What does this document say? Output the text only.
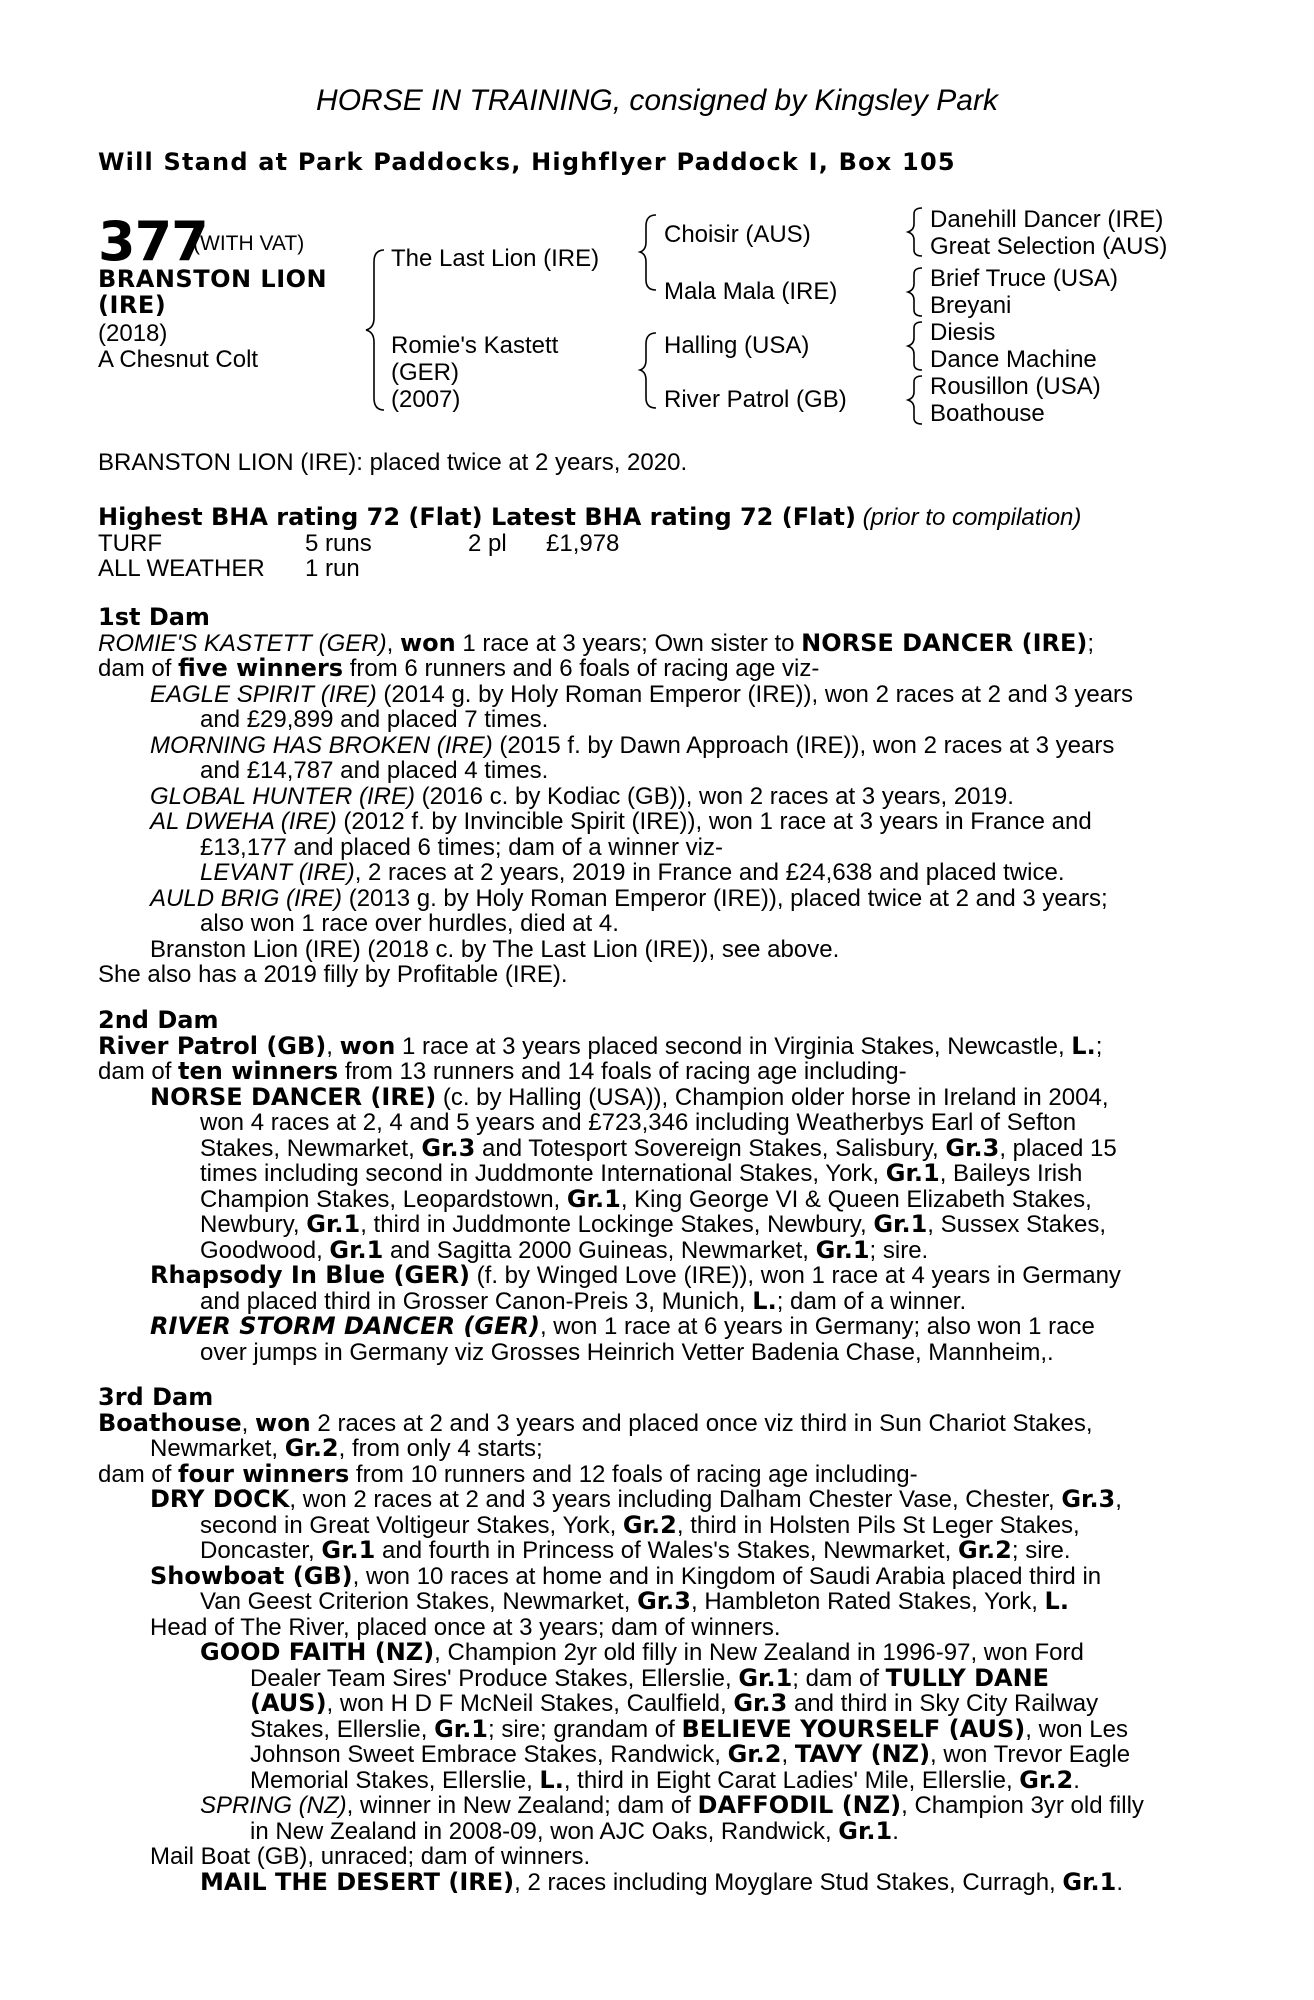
HORSE IN TRAINING, consigned by Kingsley Park
Will Stand at Park Paddocks, Highflyer Paddock I, Box 105
377
(WITH VAT)
BRANSTON LION (IRE)
(2018)
A Chesnut Colt
The Last Lion (IRE)
Romie's Kastett
(GER)
(2007)
Choisir (AUS)
Mala Mala (IRE)
Halling (USA)
River Patrol (GB)
Danehill Dancer (IRE)
Great Selection (AUS)
Brief Truce (USA)
Breyani
Diesis
Dance Machine
Rousillon (USA)
Boathouse
BRANSTON LION (IRE): placed twice at 2 years, 2020.
Highest BHA rating 72 (Flat) Latest BHA rating 72 (Flat) (prior to compilation)
TURF	5 runs	2 pl £1,978
ALL WEATHER 1 run
1st Dam
ROMIE'S KASTETT (GER), won 1 race at 3 years; Own sister to NORSE DANCER (IRE);
dam of five winners from 6 runners and 6 foals of racing age viz-
EAGLE SPIRIT (IRE) (2014 g. by Holy Roman Emperor (IRE)), won 2 races at 2 and 3 years
and £29,899 and placed 7 times.
MORNING HAS BROKEN (IRE) (2015 f. by Dawn Approach (IRE)), won 2 races at 3 years
and £14,787 and placed 4 times.
GLOBAL HUNTER (IRE) (2016 c. by Kodiac (GB)), won 2 races at 3 years, 2019.
AL DWEHA (IRE) (2012 f. by Invincible Spirit (IRE)), won 1 race at 3 years in France and
£13,177 and placed 6 times; dam of a winner viz-
LEVANT (IRE), 2 races at 2 years, 2019 in France and £24,638 and placed twice.
AULD BRIG (IRE) (2013 g. by Holy Roman Emperor (IRE)), placed twice at 2 and 3 years;
also won 1 race over hurdles, died at 4.
Branston Lion (IRE) (2018 c. by The Last Lion (IRE)), see above.
She also has a 2019 filly by Profitable (IRE).
2nd Dam
River Patrol (GB), won 1 race at 3 years placed second in Virginia Stakes, Newcastle, L.;
dam of ten winners from 13 runners and 14 foals of racing age including-
NORSE DANCER (IRE) (c. by Halling (USA)), Champion older horse in Ireland in 2004,
won 4 races at 2, 4 and 5 years and £723,346 including Weatherbys Earl of Sefton
Stakes, Newmarket, Gr.3 and Totesport Sovereign Stakes, Salisbury, Gr.3, placed 15
times including second in Juddmonte International Stakes, York, Gr.1, Baileys Irish
Champion Stakes, Leopardstown, Gr.1, King George VI & Queen Elizabeth Stakes,
Newbury, Gr.1, third in Juddmonte Lockinge Stakes, Newbury, Gr.1, Sussex Stakes,
Goodwood, Gr.1 and Sagitta 2000 Guineas, Newmarket, Gr.1; sire.
Rhapsody In Blue (GER) (f. by Winged Love (IRE)), won 1 race at 4 years in Germany
and placed third in Grosser Canon-Preis 3, Munich, L.; dam of a winner.
RIVER STORM DANCER (GER), won 1 race at 6 years in Germany; also won 1 race
over jumps in Germany viz Grosses Heinrich Vetter Badenia Chase, Mannheim,.
3rd Dam
Boathouse, won 2 races at 2 and 3 years and placed once viz third in Sun Chariot Stakes,
Newmarket, Gr.2, from only 4 starts;
dam of four winners from 10 runners and 12 foals of racing age including-
DRY DOCK, won 2 races at 2 and 3 years including Dalham Chester Vase, Chester, Gr.3,
second in Great Voltigeur Stakes, York, Gr.2, third in Holsten Pils St Leger Stakes,
Doncaster, Gr.1 and fourth in Princess of Wales's Stakes, Newmarket, Gr.2; sire.
Showboat (GB), won 10 races at home and in Kingdom of Saudi Arabia placed third in
Van Geest Criterion Stakes, Newmarket, Gr.3, Hambleton Rated Stakes, York, L.
Head of The River, placed once at 3 years; dam of winners.
GOOD FAITH (NZ), Champion 2yr old filly in New Zealand in 1996-97, won Ford
Dealer Team Sires' Produce Stakes, Ellerslie, Gr.1; dam of TULLY DANE
(AUS), won H D F McNeil Stakes, Caulfield, Gr.3 and third in Sky City Railway
Stakes, Ellerslie, Gr.1; sire; grandam of BELIEVE YOURSELF (AUS), won Les
Johnson Sweet Embrace Stakes, Randwick, Gr.2, TAVY (NZ), won Trevor Eagle
Memorial Stakes, Ellerslie, L., third in Eight Carat Ladies' Mile, Ellerslie, Gr.2.
SPRING (NZ), winner in New Zealand; dam of DAFFODIL (NZ), Champion 3yr old filly
in New Zealand in 2008-09, won AJC Oaks, Randwick, Gr.1.
Mail Boat (GB), unraced; dam of winners.
MAIL THE DESERT (IRE), 2 races including Moyglare Stud Stakes, Curragh, Gr.1.
